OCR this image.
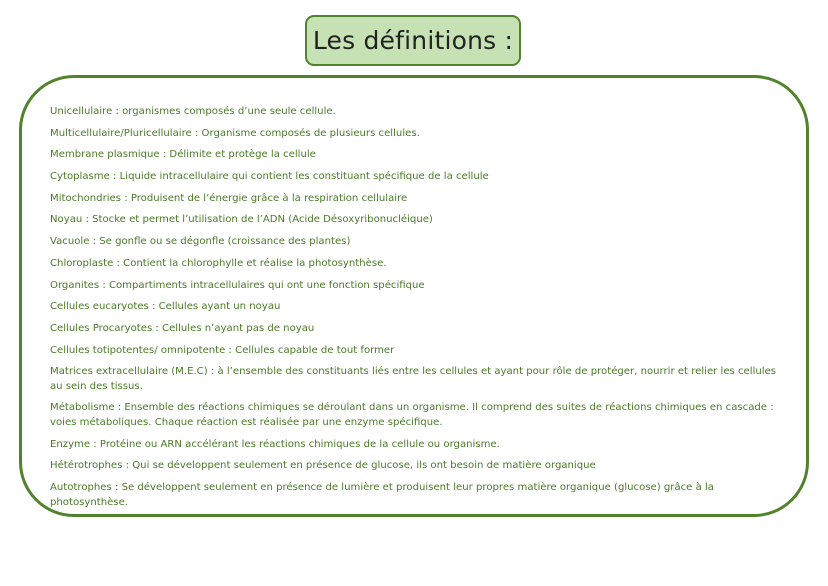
Les définitions :
Unicellulaire : organismes composés d’une seule cellule.
Multicellulaire/Pluricellulaire : Organisme composés de plusieurs cellules.
Membrane plasmique : Délimite et protège la cellule
Cytoplasme : Liquide intracellulaire qui contient les constituant spécifique de la cellule
Mitochondries : Produisent de l’énergie grâce à la respiration cellulaire
Noyau : Stocke et permet l’utilisation de l’ADN (Acide Désoxyribonucléique)
Vacuole : Se gonfle ou se dégonfle (croissance des plantes)
Chloroplaste : Contient la chlorophylle et réalise la photosynthèse.
Organites : Compartiments intracellulaires qui ont une fonction spécifique
Cellules eucaryotes : Cellules ayant un noyau
Cellules Procaryotes : Cellules n’ayant pas de noyau
Cellules totipotentes/ omnipotente : Cellules capable de tout former
Matrices extracellulaire (M.E.C) : à l’ensemble des constituants liés entre les cellules et ayant pour rôle de protéger, nourrir et relier les cellules au sein des tissus.
Métabolisme : Ensemble des réactions chimiques se déroulant dans un organisme. Il comprend des suites de réactions chimiques en cascade : voies métaboliques. Chaque réaction est réalisée par une enzyme spécifique.
Enzyme : Protéine ou ARN accélérant les réactions chimiques de la cellule ou organisme.
Hétérotrophes : Qui se développent seulement en présence de glucose, ils ont besoin de matière organique
Autotrophes : Se développent seulement en présence de lumière et produisent leur propres matière organique (glucose) grâce à la photosynthèse.
